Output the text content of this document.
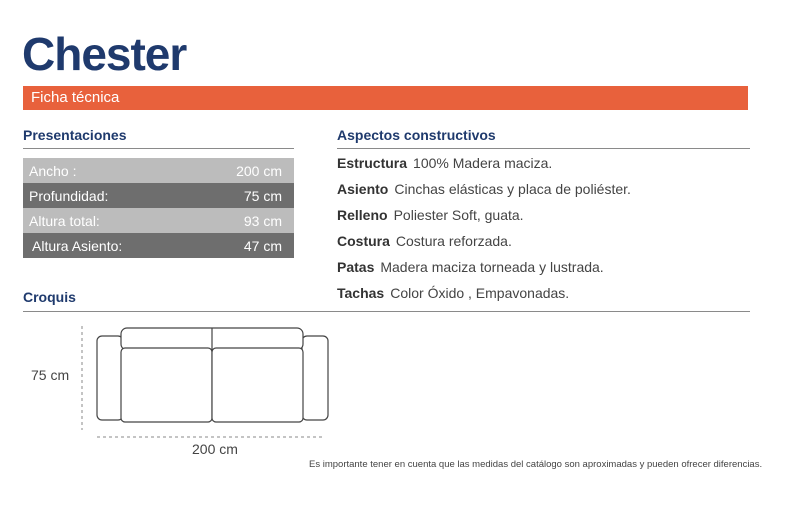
Chester
Ficha técnica
Presentaciones
Ancho :	200 cm
Profundidad:	75 cm
Altura total:	93 cm
Altura Asiento:	47 cm
Aspectos constructivos
Estructura 100% Madera maciza.
Asiento Cinchas elásticas y placa de poliéster.
Relleno Poliester Soft, guata.
Costura Costura reforzada.
Patas Madera maciza torneada y lustrada.
Tachas Color Óxido , Empavonadas.
Croquis
75 cm
200 cm
Es importante tener en cuenta que las medidas del catálogo son aproximadas y pueden ofrecer diferencias.
